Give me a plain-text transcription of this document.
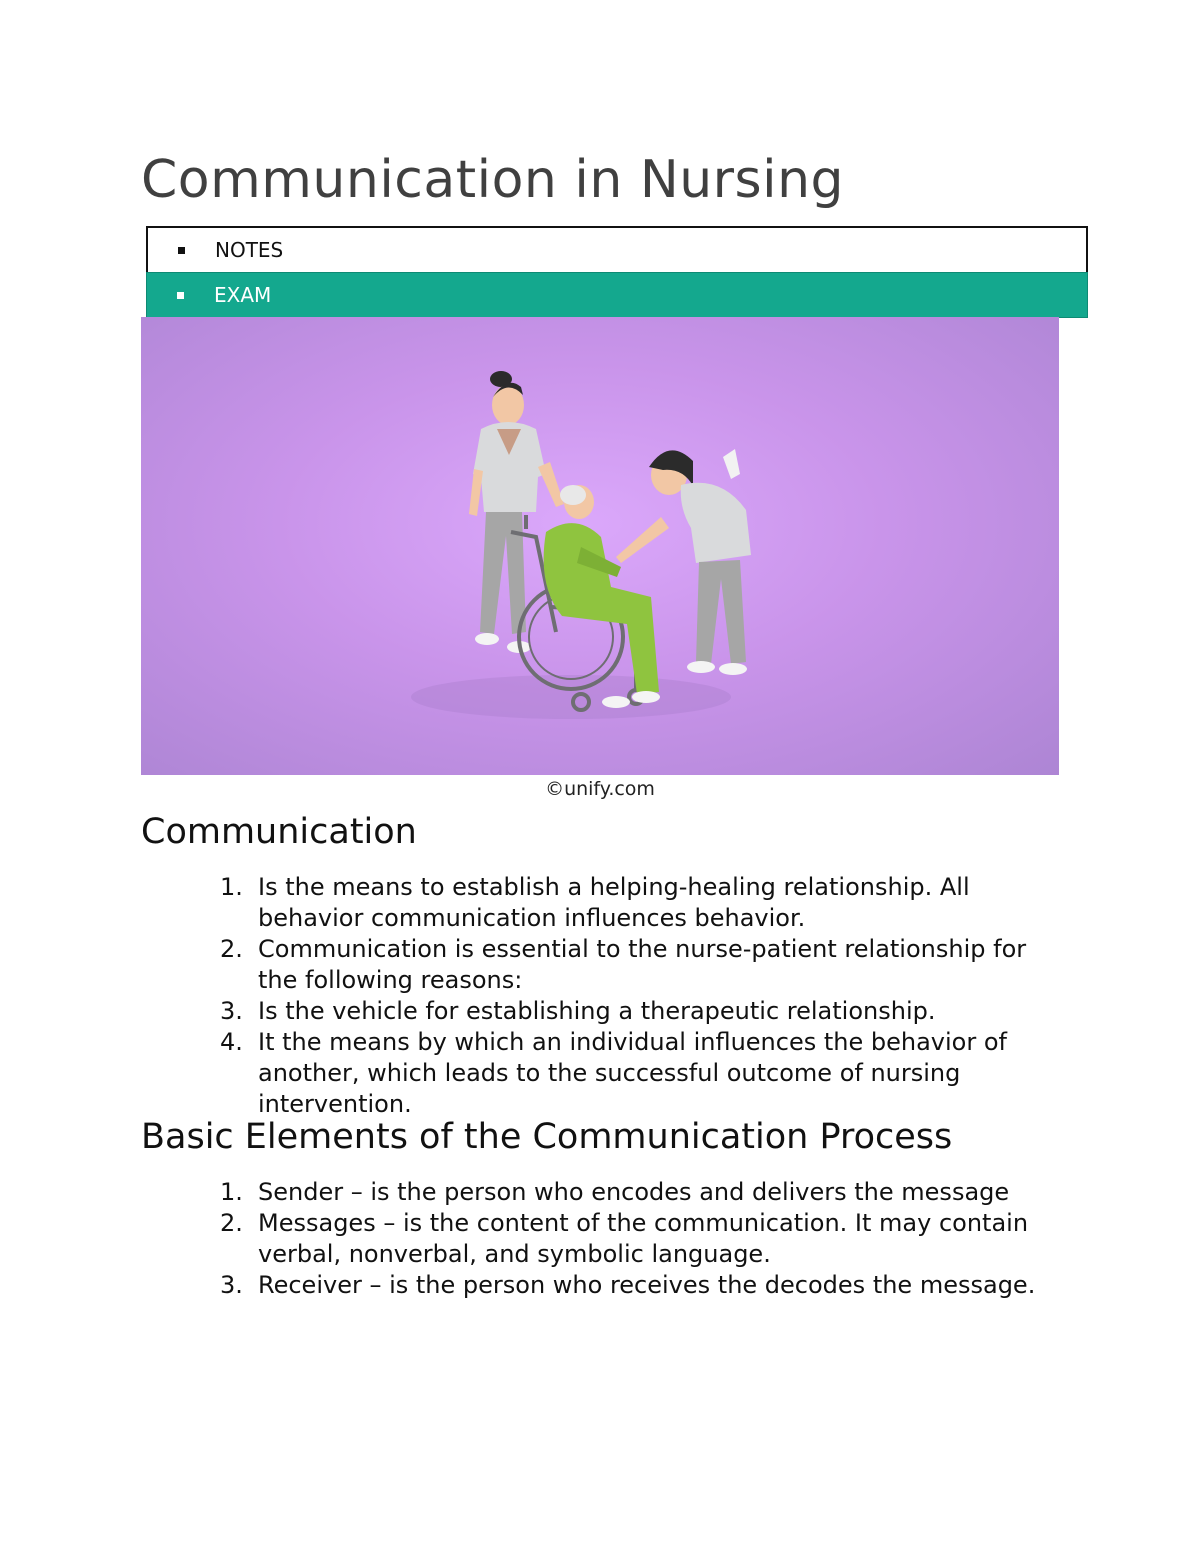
Communication in Nursing
NOTES
EXAM
©unify.com
Communication
1. Is the means to establish a helping-healing relationship. All behavior communication influences behavior.
2. Communication is essential to the nurse-patient relationship for the following reasons:
3. Is the vehicle for establishing a therapeutic relationship.
4. It the means by which an individual influences the behavior of another, which leads to the successful outcome of nursing intervention.
Basic Elements of the Communication Process
1. Sender – is the person who encodes and delivers the message
2. Messages – is the content of the communication. It may contain verbal, nonverbal, and symbolic language.
3. Receiver – is the person who receives the decodes the message.
